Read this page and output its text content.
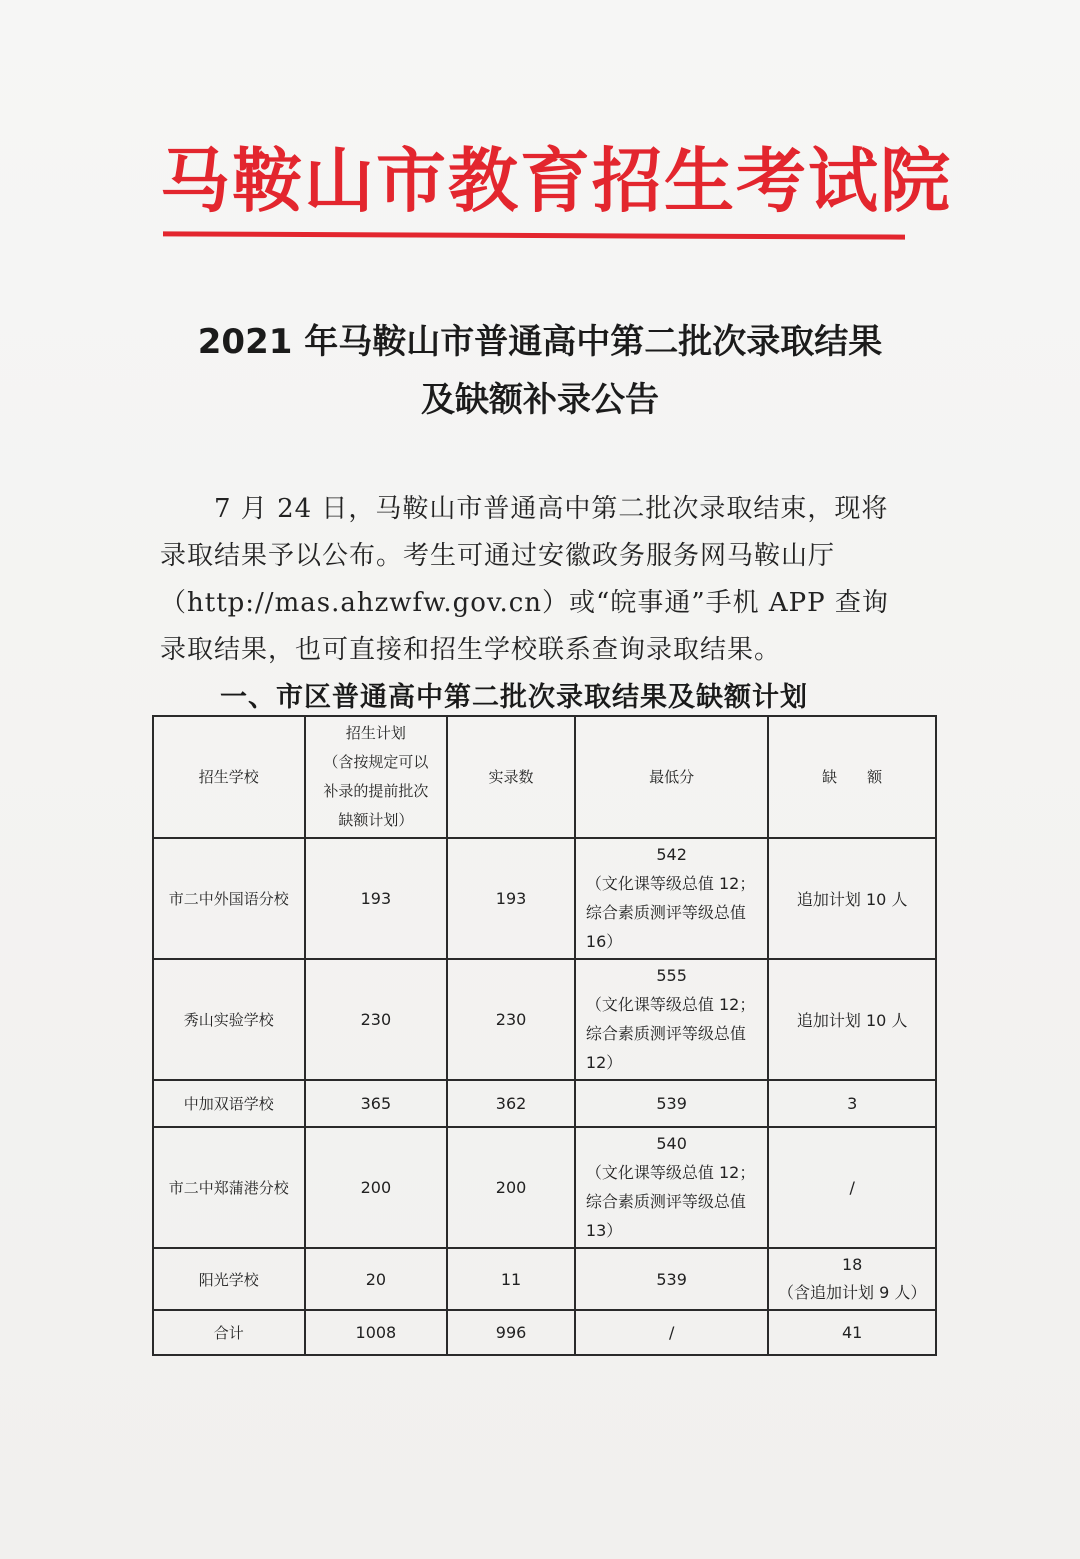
马鞍山市教育招生考试院
2021 年马鞍山市普通高中第二批次录取结果
及缺额补录公告
　　7 月 24 日，马鞍山市普通高中第二批次录取结束，现将
录取结果予以公布。考生可通过安徽政务服务网马鞍山厅
（http://mas.ahzwfw.gov.cn）或“皖事通”手机 APP 查询
录取结果，也可直接和招生学校联系查询录取结果。
一、市区普通高中第二批次录取结果及缺额计划
招生学校	招生计划
（含按规定可以
补录的提前批次
缺额计划）	实录数	最低分	缺　　额
市二中外国语分校	193	193	542
（文化课等级总值 12；
综合素质测评等级总值
16）	追加计划 10 人
秀山实验学校	230	230	555
（文化课等级总值 12；
综合素质测评等级总值
12）	追加计划 10 人
中加双语学校	365	362	539	3
市二中郑蒲港分校	200	200	540
（文化课等级总值 12；
综合素质测评等级总值
13）	/
阳光学校	20	11	539	18
（含追加计划 9 人）

合计	1008	996	/	41
